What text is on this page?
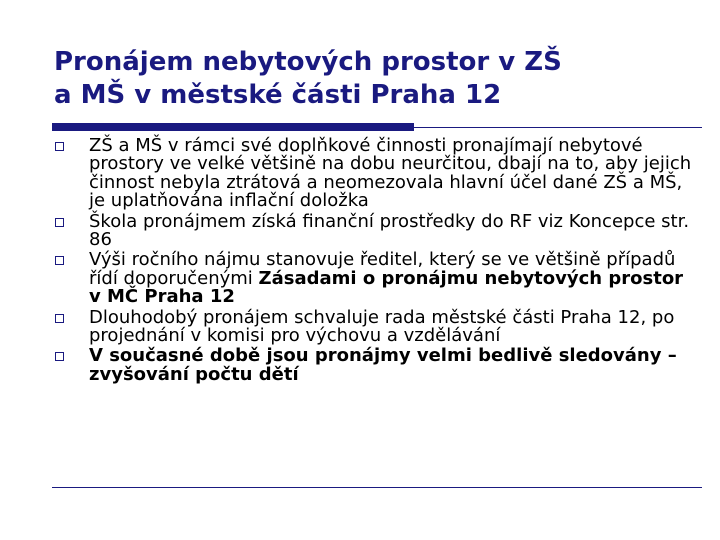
Pronájem nebytových prostor v ZŠ
a MŠ v městské části Praha 12
ZŠ a MŠ v rámci své doplňkové činnosti pronajímají nebytové prostory ve velké většině na dobu neurčitou, dbají na to, aby jejich činnost nebyla ztrátová a neomezovala hlavní účel dané ZŠ a MŠ, je uplatňována inflační doložka
Škola pronájmem získá finanční prostředky do RF viz Koncepce str. 86
Výši ročního nájmu stanovuje ředitel, který se ve většině případů řídí doporučenými Zásadami o pronájmu nebytových prostor v MČ Praha 12
Dlouhodobý pronájem schvaluje rada městské části Praha 12, po projednání v komisi pro výchovu a vzdělávání
V současné době jsou pronájmy velmi bedlivě sledovány – zvyšování počtu dětí
